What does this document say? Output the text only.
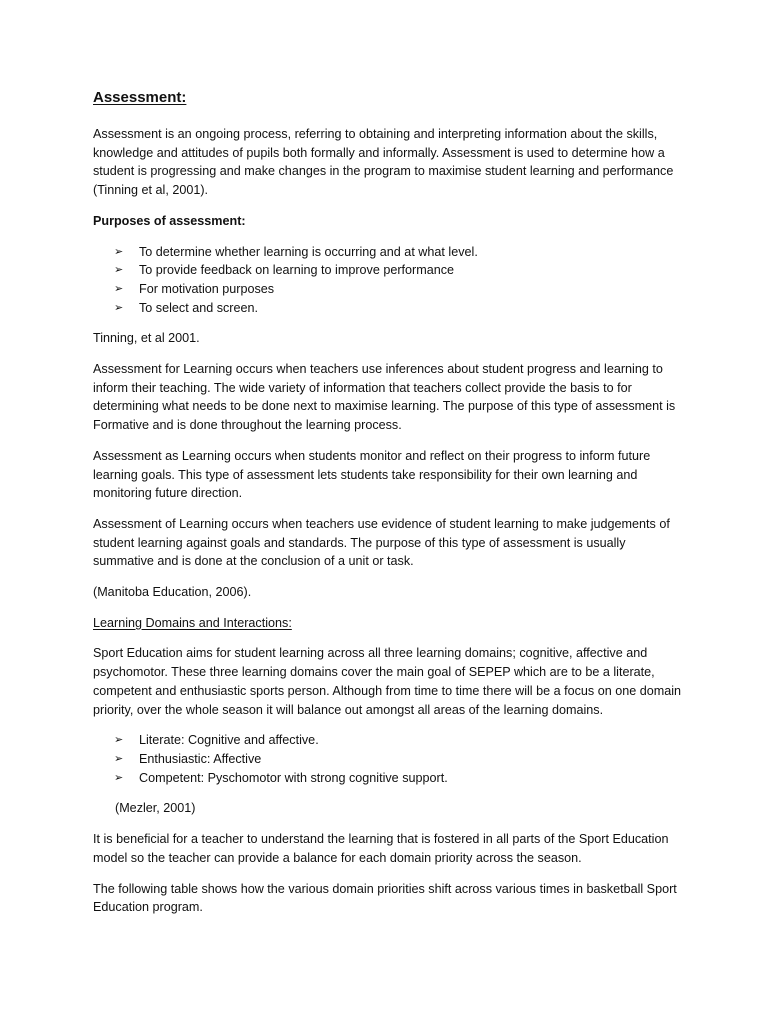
Assessment:

Assessment is an ongoing process, referring to obtaining and interpreting information about the skills, knowledge and attitudes of pupils both formally and informally. Assessment is used to determine how a student is progressing and make changes in the program to maximise student learning and performance (Tinning et al, 2001).

Purposes of assessment:

➢ To determine whether learning is occurring and at what level.
➢ To provide feedback on learning to improve performance
➢ For motivation purposes
➢ To select and screen.

Tinning, et al 2001.

Assessment for Learning occurs when teachers use inferences about student progress and learning to inform their teaching. The wide variety of information that teachers collect provide the basis to for determining what needs to be done next to maximise learning. The purpose of this type of assessment is Formative and is done throughout the learning process.

Assessment as Learning occurs when students monitor and reflect on their progress to inform future learning goals. This type of assessment lets students take responsibility for their own learning and monitoring future direction.

Assessment of Learning occurs when teachers use evidence of student learning to make judgements of student learning against goals and standards. The purpose of this type of assessment is usually summative and is done at the conclusion of a unit or task.

(Manitoba Education, 2006).

Learning Domains and Interactions:

Sport Education aims for student learning across all three learning domains; cognitive, affective and psychomotor. These three learning domains cover the main goal of SEPEP which are to be a literate, competent and enthusiastic sports person. Although from time to time there will be a focus on one domain priority, over the whole season it will balance out amongst all areas of the learning domains.

➢ Literate: Cognitive and affective.
➢ Enthusiastic: Affective
➢ Competent: Pyschomotor with strong cognitive support.

(Mezler, 2001)

It is beneficial for a teacher to understand the learning that is fostered in all parts of the Sport Education model so the teacher can provide a balance for each domain priority across the season.

The following table shows how the various domain priorities shift across various times in basketball Sport Education program.
